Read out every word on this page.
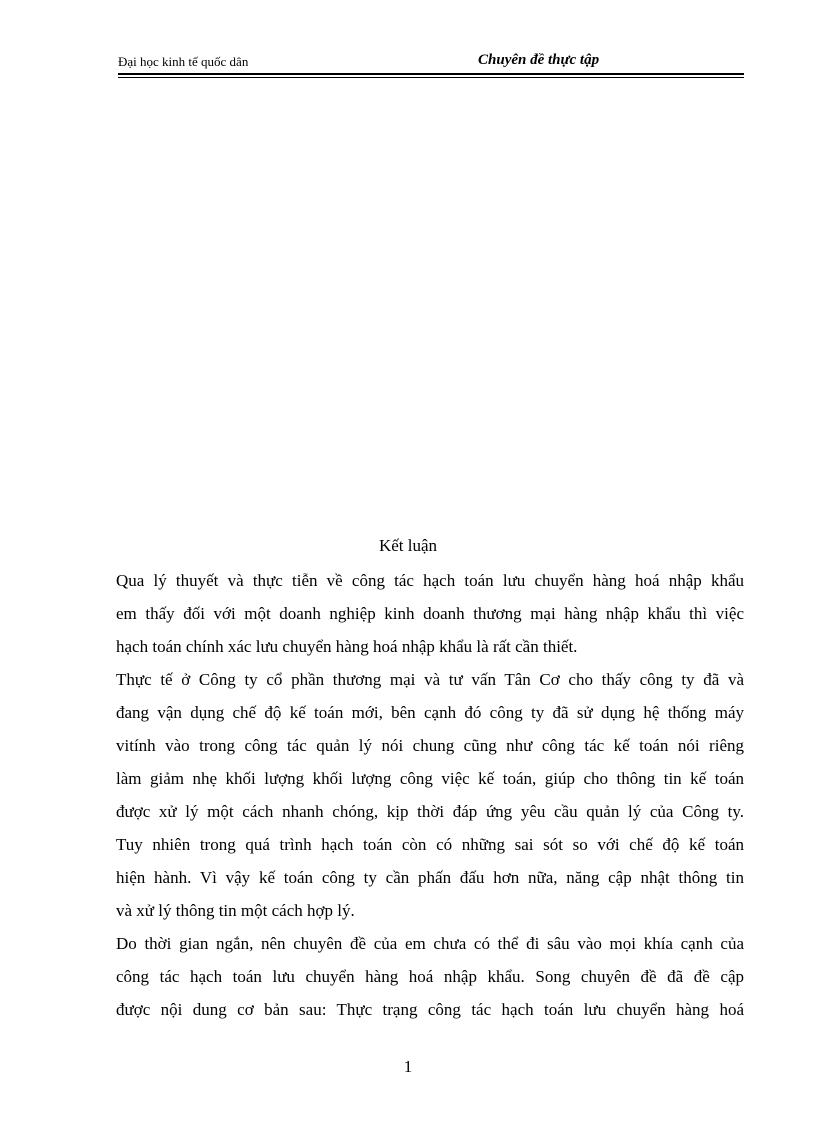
Đại học kinh tế quốc dân	Chuyên đề thực tập
Kết luận
Qua lý thuyết và thực tiễn về công tác hạch toán lưu chuyển hàng hoá nhập khẩu
em thấy đối với một doanh nghiệp kinh doanh thương mại hàng nhập khẩu thì việc
hạch toán chính xác lưu chuyển hàng hoá nhập khẩu là rất cần thiết.
Thực tế ở Công ty cổ phần thương mại và tư vấn Tân Cơ cho thấy công ty đã và
đang vận dụng chế độ kế toán mới, bên cạnh đó công ty đã sử dụng hệ thống máy
vitính vào trong công tác quản lý nói chung cũng như công tác kế toán nói riêng
làm giảm nhẹ khối lượng khối lượng công việc kế toán, giúp cho thông tin kế toán
được xử lý một cách nhanh chóng, kịp thời đáp ứng yêu cầu quản lý của Công ty.
Tuy nhiên trong quá trình hạch toán còn có những sai sót so với chế độ kế toán
hiện hành. Vì vậy kế toán công ty cần phấn đấu hơn nữa, năng cập nhật thông tin
và xử lý thông tin một cách hợp lý.
Do thời gian ngắn, nên chuyên đề của em chưa có thể đi sâu vào mọi khía cạnh của
công tác hạch toán lưu chuyển hàng hoá nhập khẩu. Song chuyên đề đã đề cập
được nội dung cơ bản sau: Thực trạng công tác hạch toán lưu chuyển hàng hoá
1
